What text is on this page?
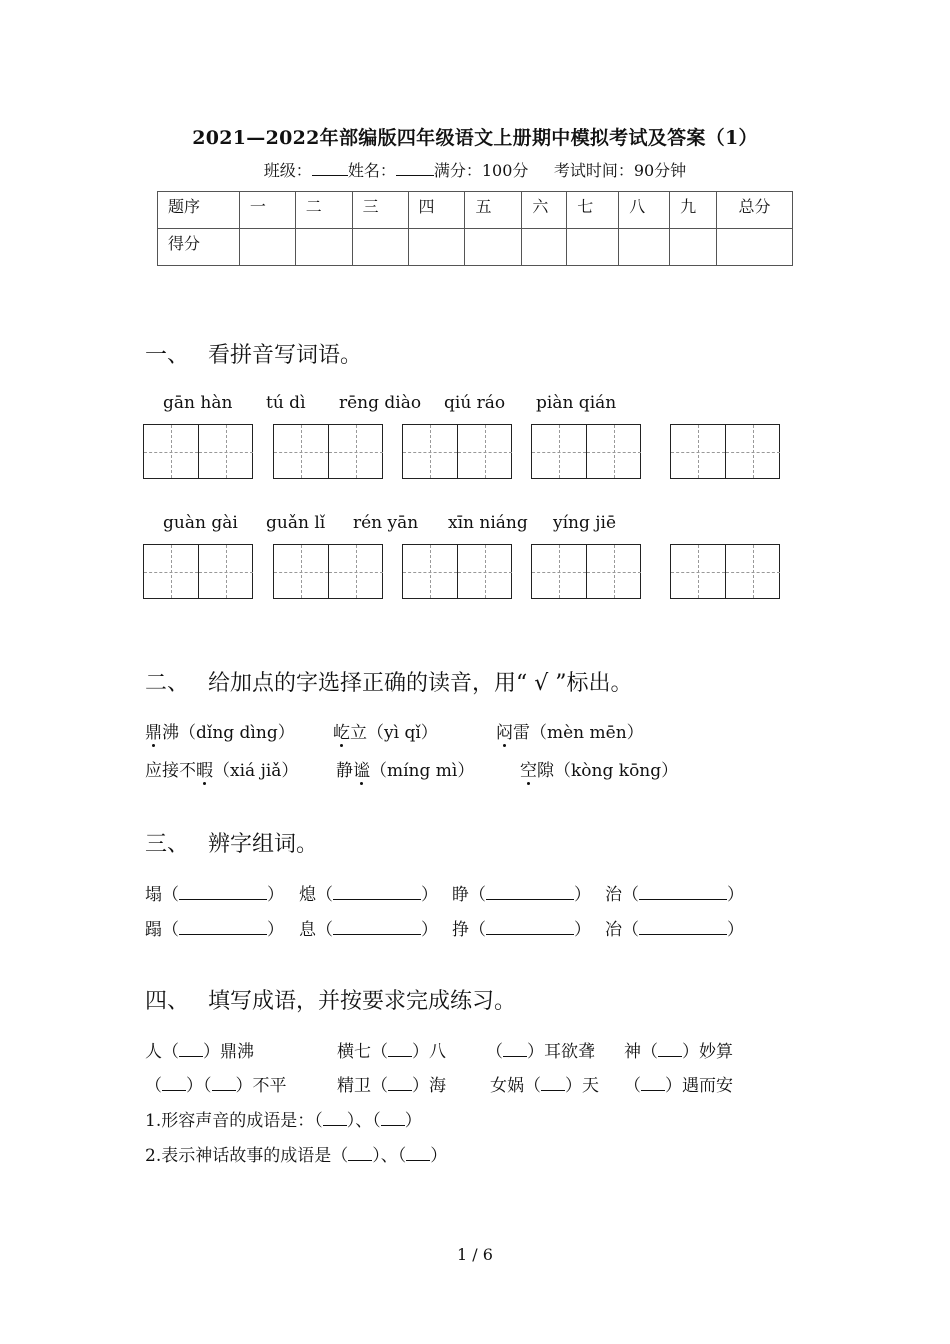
2021—2022年部编版四年级语文上册期中模拟考试及答案（1）
班级： 姓名： 满分：100分 考试时间：90分钟
题序	一	二	三	四	五	六	七	八	九	总分
得分										
一、 看拼音写词语。
gān hàn tú dì rēng diào qiú ráo piàn qián
guàn gài guǎn lǐ rén yān xīn niáng yíng jiē
二、 给加点的字选择正确的读音，用“ √ ”标出。
鼎沸（dǐng dìng） 屹立（yì qǐ）	闷雷（mèn mēn）
应接不暇（xiá jiǎ） 静谧（míng mì）	空隙（kòng kōng）
三、 辨字组词。
塌（	） 熄（	） 睁（	） 治（	）
蹋（	） 息（	） 挣（	） 冶（	）
四、 填写成语，并按要求完成练习。
人（ ）鼎沸	横七（ ）八 （ ）耳欲聋 神（ ）妙算
（ ）（ ）不平	精卫（ ）海	女娲（ ）天 （ ）遇而安
1.形容声音的成语是：（ ）、（ ）
2.表示神话故事的成语是（ ）、（ ）
1 / 6
